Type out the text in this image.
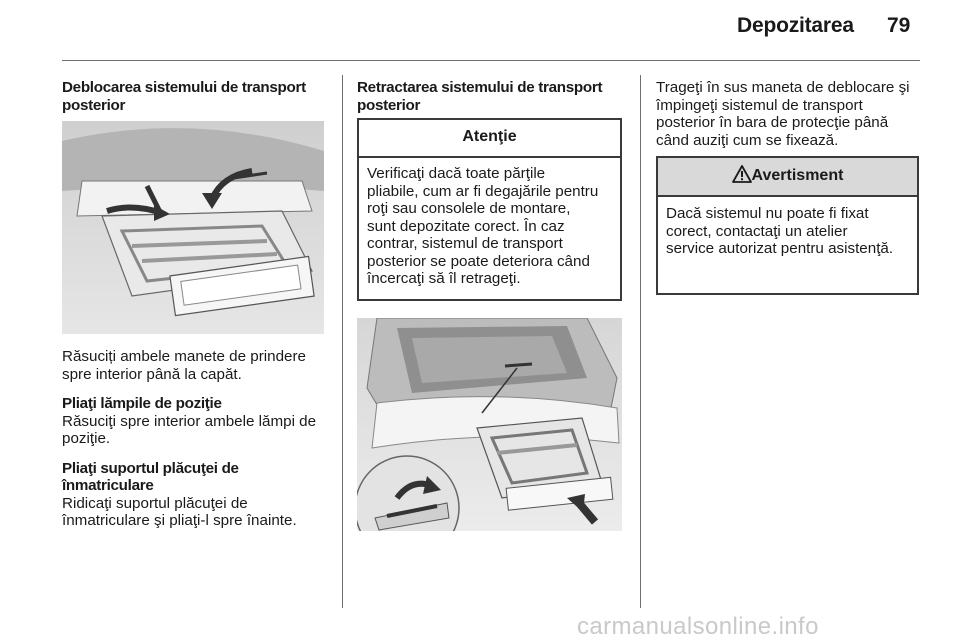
Depozitarea 79

Deblocarea sistemului de transport
posterior

Răsuciți ambele manete de prindere
spre interior până la capăt.

Pliaţi lămpile de poziţie

Răsuciţi spre interior ambele lămpi de
poziţie.

Pliaţi suportul plăcuţei de
înmatriculare

Ridicaţi suportul plăcuţei de
înmatriculare şi pliaţi-l spre înainte.

Retractarea sistemului de transport
posterior

Atenţie
Verificaţi dacă toate părţile
pliabile, cum ar fi degajările pentru
roţi sau consolele de montare,
sunt depozitate corect. În caz
contrar, sistemul de transport
posterior se poate deteriora când
încercaţi să îl retrageţi.

Trageţi în sus maneta de deblocare şi
împingeţi sistemul de transport
posterior în bara de protecţie până
când auziţi cum se fixează.

Avertisment
Dacă sistemul nu poate fi fixat
corect, contactaţi un atelier
service autorizat pentru asistenţă.
carmanualsonline.info
